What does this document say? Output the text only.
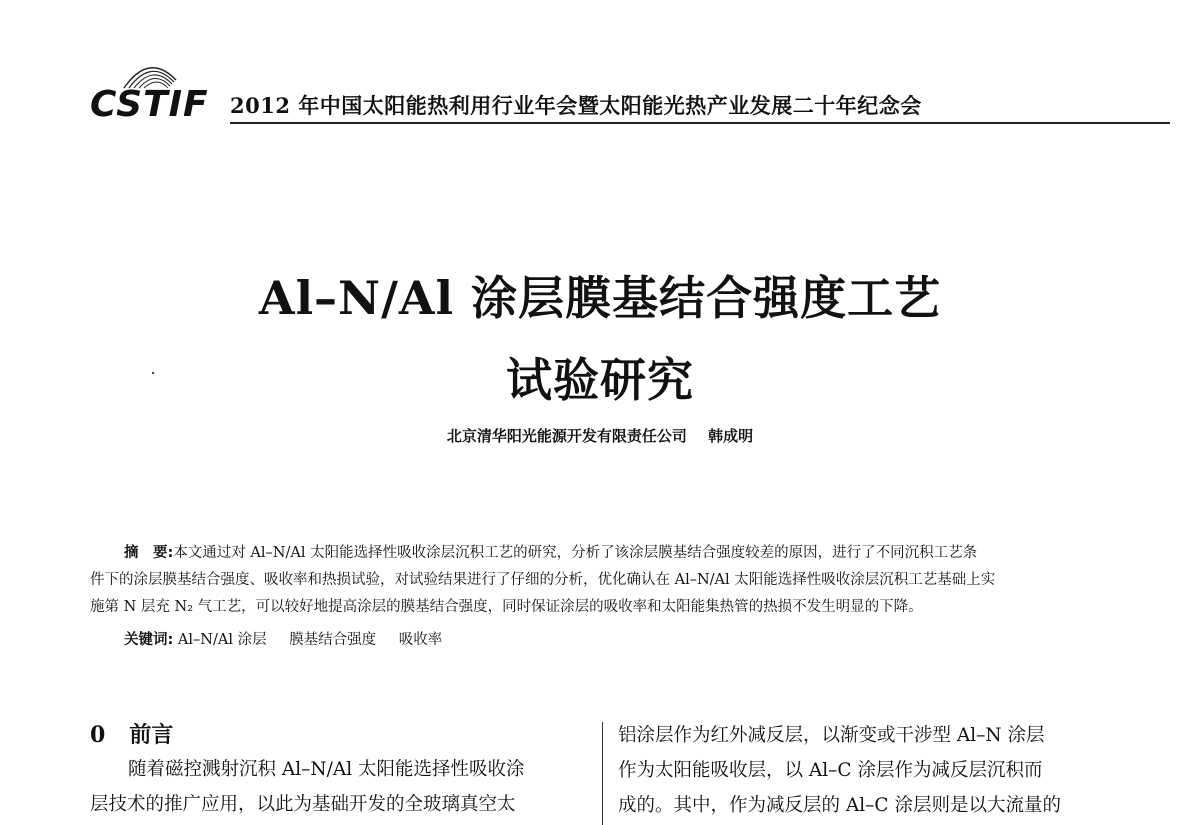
CSTIF 2012 年中国太阳能热利用行业年会暨太阳能光热产业发展二十年纪念会
Al–N/Al 涂层膜基结合强度工艺
试验研究
北京清华阳光能源开发有限责任公司 韩成明

摘　要:本文通过对 Al–N/Al 太阳能选择性吸收涂层沉积工艺的研究，分析了该涂层膜基结合强度较差的原因，进行了不同沉积工艺条

件下的涂层膜基结合强度、吸收率和热损试验，对试验结果进行了仔细的分析，优化确认在 Al–N/Al 太阳能选择性吸收涂层沉积工艺基础上实

施第 N 层充 N₂ 气工艺，可以较好地提高涂层的膜基结合强度，同时保证涂层的吸收率和太阳能集热管的热损不发生明显的下降。

关键词: Al–N/Al 涂层 膜基结合强度 吸收率
0 前言

随着磁控溅射沉积 Al–N/Al 太阳能选择性吸收涂

层技术的推广应用，以此为基础开发的全玻璃真空太

铝涂层作为红外减反层，以渐变或干涉型 Al–N 涂层

作为太阳能吸收层，以 Al–C 涂层作为减反层沉积而

成的。其中，作为减反层的 Al–C 涂层则是以大流量的
